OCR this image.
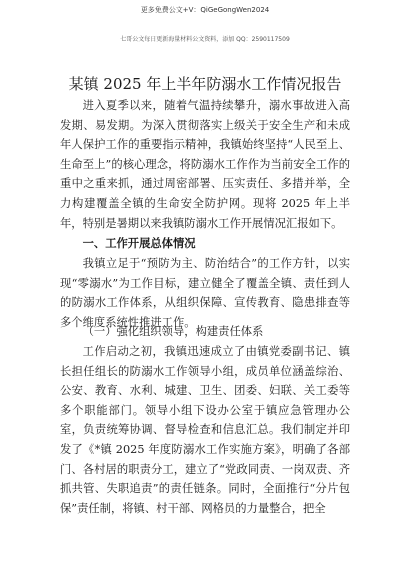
更多免费公文+V：QiGeGongWen2024
七哥公文每日更新海量材料公文资料，添加 QQ：2590117509
某镇 2025 年上半年防溺水工作情况报告

进入夏季以来，随着气温持续攀升，溺水事故进入高发期、易发期。为深入贯彻落实上级关于安全生产和未成年人保护工作的重要指示精神，我镇始终坚持“人民至上、生命至上”的核心理念，将防溺水工作作为当前安全工作的重中之重来抓，通过周密部署、压实责任、多措并举，全力构建覆盖全镇的生命安全防护网。现将 2025 年上半年，特别是暑期以来我镇防溺水工作开展情况汇报如下。

一、工作开展总体情况

我镇立足于“预防为主、防治结合”的工作方针，以实现“零溺水”为工作目标，建立健全了覆盖全镇、责任到人的防溺水工作体系，从组织保障、宣传教育、隐患排查等多个维度系统性推进工作。

（一）强化组织领导，构建责任体系

工作启动之初，我镇迅速成立了由镇党委副书记、镇长担任组长的防溺水工作领导小组，成员单位涵盖综治、公安、教育、水利、城建、卫生、团委、妇联、关工委等多个职能部门。领导小组下设办公室于镇应急管理办公室，负责统筹协调、督导检查和信息汇总。我们制定并印发了《*镇 2025 年度防溺水工作实施方案》，明确了各部门、各村居的职责分工，建立了“党政同责、一岗双责、齐抓共管、失职追责”的责任链条。同时，全面推行“分片包保”责任制，将镇、村干部、网格员的力量整合，把全
